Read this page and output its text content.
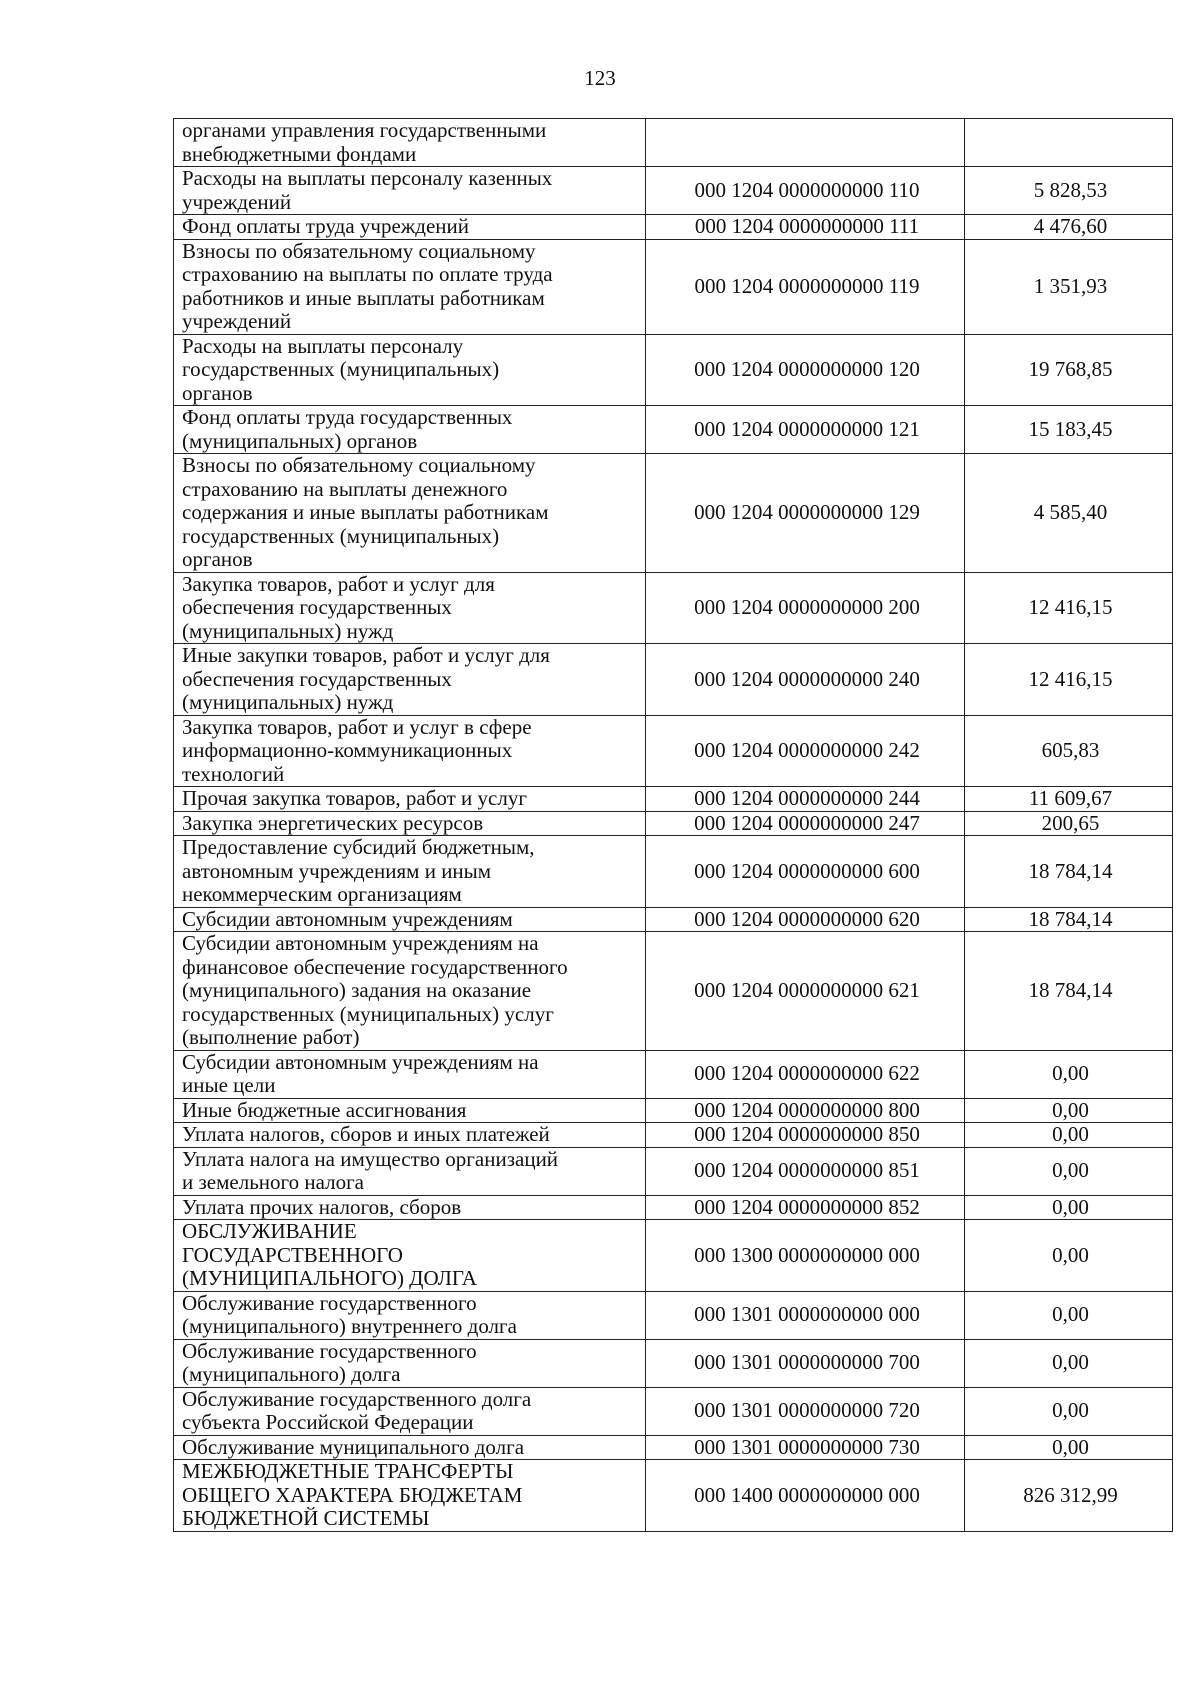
123
органами управления государственными
внебюджетными фондами		

Расходы на выплаты персоналу казенных
учреждений	000 1204 0000000000 110	5 828,53
Фонд оплаты труда учреждений	000 1204 0000000000 111	4 476,60

Взносы по обязательному социальному
страхованию на выплаты по оплате труда
работников и иные выплаты работникам
учреждений	000 1204 0000000000 119	1 351,93

Расходы на выплаты персоналу
государственных (муниципальных)
органов	000 1204 0000000000 120	19 768,85

Фонд оплаты труда государственных
(муниципальных) органов	000 1204 0000000000 121	15 183,45

Взносы по обязательному социальному
страхованию на выплаты денежного
содержания и иные выплаты работникам
государственных (муниципальных)
органов	000 1204 0000000000 129	4 585,40

Закупка товаров, работ и услуг для
обеспечения государственных
(муниципальных) нужд	000 1204 0000000000 200	12 416,15

Иные закупки товаров, работ и услуг для
обеспечения государственных
(муниципальных) нужд	000 1204 0000000000 240	12 416,15

Закупка товаров, работ и услуг в сфере
информационно-коммуникационных
технологий	000 1204 0000000000 242	605,83
Прочая закупка товаров, работ и услуг	000 1204 0000000000 244	11 609,67
Закупка энергетических ресурсов	000 1204 0000000000 247	200,65

Предоставление субсидий бюджетным,
автономным учреждениям и иным
некоммерческим организациям	000 1204 0000000000 600	18 784,14
Субсидии автономным учреждениям	000 1204 0000000000 620	18 784,14

Субсидии автономным учреждениям на
финансовое обеспечение государственного
(муниципального) задания на оказание
государственных (муниципальных) услуг
(выполнение работ)	000 1204 0000000000 621	18 784,14

Субсидии автономным учреждениям на
иные цели	000 1204 0000000000 622	0,00
Иные бюджетные ассигнования	000 1204 0000000000 800	0,00
Уплата налогов, сборов и иных платежей	000 1204 0000000000 850	0,00

Уплата налога на имущество организаций
и земельного налога	000 1204 0000000000 851	0,00
Уплата прочих налогов, сборов	000 1204 0000000000 852	0,00

ОБСЛУЖИВАНИЕ
ГОСУДАРСТВЕННОГО
(МУНИЦИПАЛЬНОГО) ДОЛГА	000 1300 0000000000 000	0,00

Обслуживание государственного
(муниципального) внутреннего долга	000 1301 0000000000 000	0,00

Обслуживание государственного
(муниципального) долга	000 1301 0000000000 700	0,00

Обслуживание государственного долга
субъекта Российской Федерации	000 1301 0000000000 720	0,00
Обслуживание муниципального долга	000 1301 0000000000 730	0,00

МЕЖБЮДЖЕТНЫЕ ТРАНСФЕРТЫ
ОБЩЕГО ХАРАКТЕРА БЮДЖЕТАМ
БЮДЖЕТНОЙ СИСТЕМЫ	000 1400 0000000000 000	826 312,99
